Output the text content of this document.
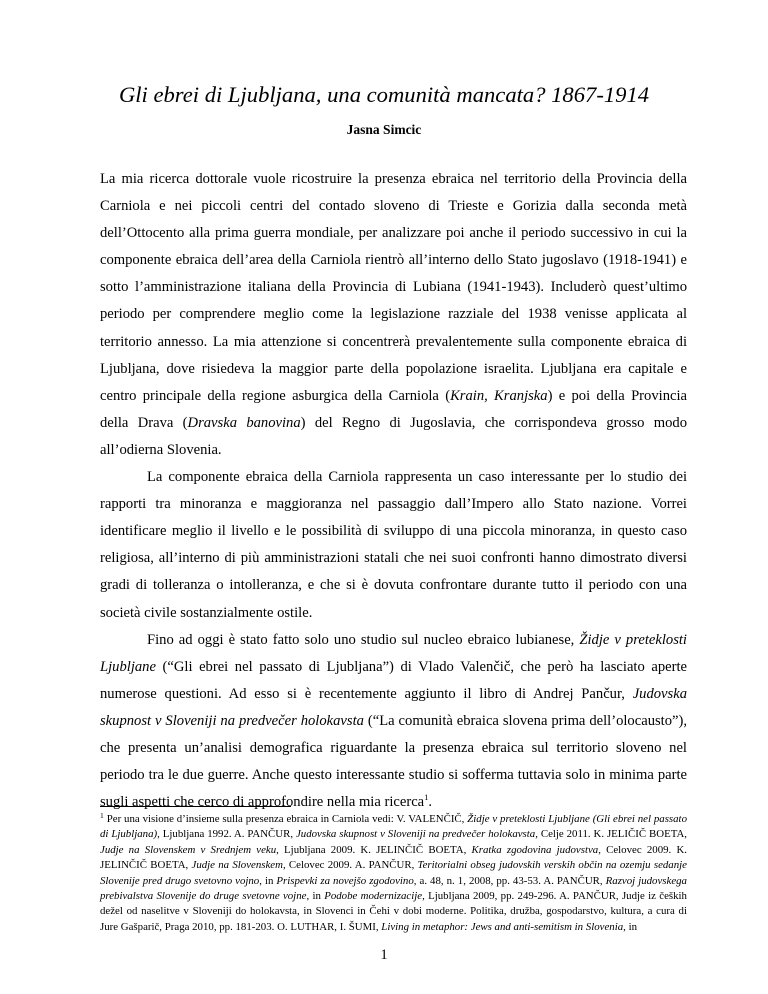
Gli ebrei di Ljubljana, una comunità mancata? 1867-1914
Jasna Simcic

La mia ricerca dottorale vuole ricostruire la presenza ebraica nel territorio della Provincia della Carniola e nei piccoli centri del contado sloveno di Trieste e Gorizia dalla seconda metà dell’Ottocento alla prima guerra mondiale, per analizzare poi anche il periodo successivo in cui la componente ebraica dell’area della Carniola rientrò all’interno dello Stato jugoslavo (1918-1941) e sotto l’amministrazione italiana della Provincia di Lubiana (1941-1943). Includerò quest’ultimo periodo per comprendere meglio come la legislazione razziale del 1938 venisse applicata al territorio annesso. La mia attenzione si concentrerà prevalentemente sulla componente ebraica di Ljubljana, dove risiedeva la maggior parte della popolazione israelita. Ljubljana era capitale e centro principale della regione asburgica della Carniola (Krain, Kranjska) e poi della Provincia della Drava (Dravska banovina) del Regno di Jugoslavia, che corrispondeva grosso modo all’odierna Slovenia.

La componente ebraica della Carniola rappresenta un caso interessante per lo studio dei rapporti tra minoranza e maggioranza nel passaggio dall’Impero allo Stato nazione. Vorrei identificare meglio il livello e le possibilità di sviluppo di una piccola minoranza, in questo caso religiosa, all’interno di più amministrazioni statali che nei suoi confronti hanno dimostrato diversi gradi di tolleranza o intolleranza, e che si è dovuta confrontare durante tutto il periodo con una società civile sostanzialmente ostile.

Fino ad oggi è stato fatto solo uno studio sul nucleo ebraico lubianese, Židje v preteklosti Ljubljane (“Gli ebrei nel passato di Ljubljana”) di Vlado Valenčič, che però ha lasciato aperte numerose questioni. Ad esso si è recentemente aggiunto il libro di Andrej Pančur, Judovska skupnost v Sloveniji na predvečer holokavsta (“La comunità ebraica slovena prima dell’olocausto”), che presenta un’analisi demografica riguardante la presenza ebraica sul territorio sloveno nel periodo tra le due guerre. Anche questo interessante studio si sofferma tuttavia solo in minima parte sugli aspetti che cerco di approfondire nella mia ricerca$^1$.

$^1$ Per una visione d’insieme sulla presenza ebraica in Carniola vedi: V. VALENČIČ, Židje v preteklosti Ljubljane (Gli ebrei nel passato di Ljubljana), Ljubljana 1992. A. PANČUR, Judovska skupnost v Sloveniji na predvečer holokavsta, Celje 2011. K. JELIČIČ BOETA, Judje na Slovenskem v Srednjem veku, Ljubljana 2009. K. JELINČIČ BOETA, Kratka zgodovina judovstva, Celovec 2009. K. JELINČIČ BOETA, Judje na Slovenskem, Celovec 2009. A. PANČUR, Teritorialni obseg judovskih verskih občin na ozemju sedanje Slovenije pred drugo svetovno vojno, in Prispevki za novejšo zgodovino, a. 48, n. 1, 2008, pp. 43-53. A. PANČUR, Razvoj judovskega prebivalstva Slovenije do druge svetovne vojne, in Podobe modernizacije, Ljubljana 2009, pp. 249-296. A. PANČUR, Judje iz čeških dežel od naselitve v Sloveniji do holokavsta, in Slovenci in Čehi v dobi moderne. Politika, družba, gospodarstvo, kultura, a cura di Jure Gašparič, Praga 2010, pp. 181-203. O. LUTHAR, I. ŠUMI, Living in metaphor: Jews and anti-semitism in Slovenia, in
1
